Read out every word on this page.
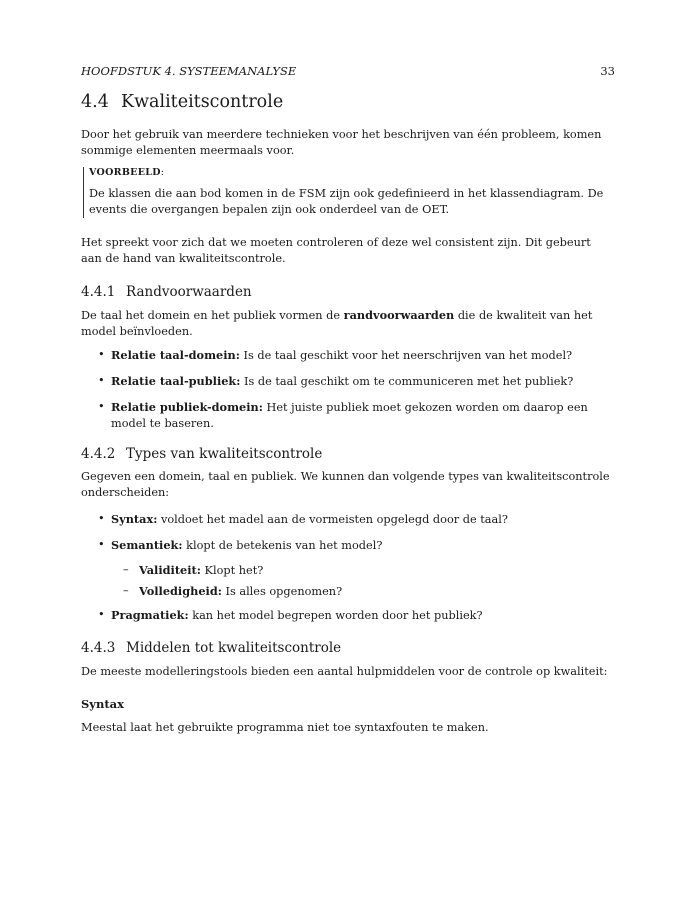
HOOFDSTUK 4. SYSTEEMANALYSE	33
4.4 Kwaliteitscontrole

Door het gebruik van meerdere technieken voor het beschrijven van één probleem, komen sommige elementen meermaals voor.

VOORBEELD:
De klassen die aan bod komen in de FSM zijn ook gedefinieerd in het klassendiagram. De events die overgangen bepalen zijn ook onderdeel van de OET.

Het spreekt voor zich dat we moeten controleren of deze wel consistent zijn. Dit gebeurt aan de hand van kwaliteitscontrole.

4.4.1 Randvoorwaarden

De taal het domein en het publiek vormen de randvoorwaarden die de kwaliteit van het model beïnvloeden.

• Relatie taal-domein: Is de taal geschikt voor het neerschrijven van het model?
• Relatie taal-publiek: Is de taal geschikt om te communiceren met het publiek?
• Relatie publiek-domein: Het juiste publiek moet gekozen worden om daarop een model te baseren.
4.4.2 Types van kwaliteitscontrole

Gegeven een domein, taal en publiek. We kunnen dan volgende types van kwaliteitscontrole onderscheiden:

• Syntax: voldoet het madel aan de vormeisten opgelegd door de taal?
• Semantiek: klopt de betekenis van het model?
– Validiteit: Klopt het?
– Volledigheid: Is alles opgenomen?
• Pragmatiek: kan het model begrepen worden door het publiek?
4.4.3 Middelen tot kwaliteitscontrole

De meeste modelleringstools bieden een aantal hulpmiddelen voor de controle op kwaliteit:

Syntax

Meestal laat het gebruikte programma niet toe syntaxfouten te maken.
